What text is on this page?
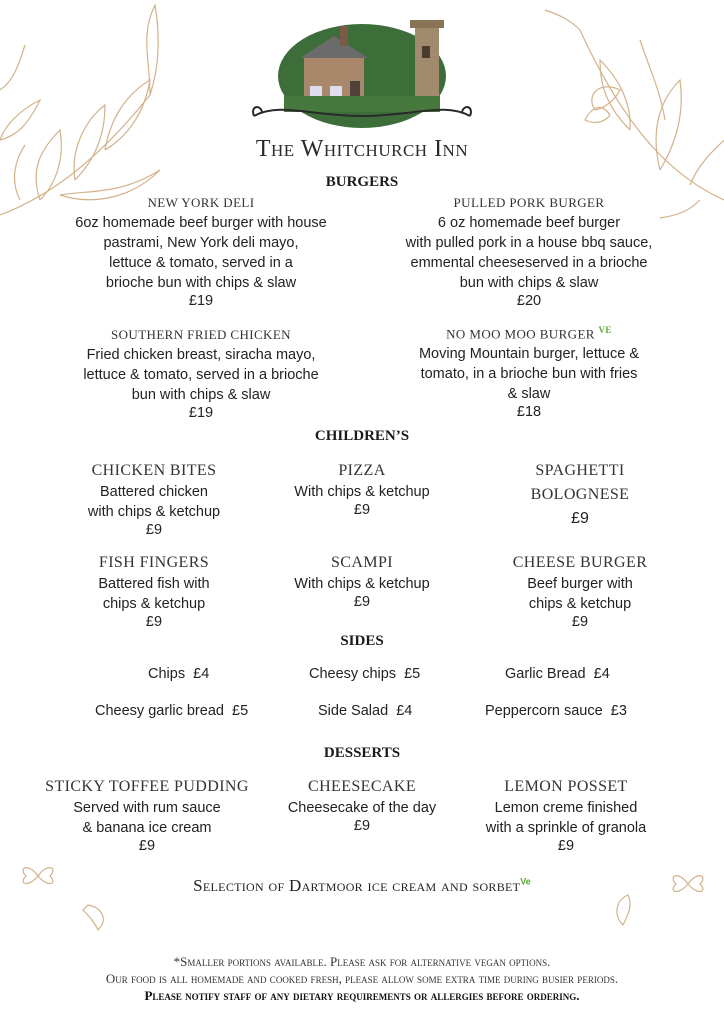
The Whitchurch Inn
BURGERS
NEW YORK DELI
6oz homemade beef burger with house
pastrami, New York deli mayo,
lettuce & tomato, served in a
brioche bun with chips & slaw
£19
PULLED PORK BURGER
6 oz homemade beef burger
with pulled pork in a house bbq sauce,
emmental cheeseserved in a brioche
bun with chips & slaw
£20
SOUTHERN FRIED CHICKEN
Fried chicken breast, siracha mayo,
lettuce & tomato, served in a brioche
bun with chips & slaw
£19
NO MOO MOO BURGER $^{VE}$
Moving Mountain burger, lettuce &
tomato, in a brioche bun with fries
& slaw
£18
CHILDREN’S
CHICKEN BITES
Battered chicken
with chips & ketchup
£9
PIZZA
With chips & ketchup
£9
SPAGHETTI
BOLOGNESE
£9
FISH FINGERS
Battered fish with
chips & ketchup
£9
SCAMPI
With chips & ketchup
£9
CHEESE BURGER
Beef burger with
chips & ketchup
£9
SIDES
Chips £4	Cheesy chips £5	Garlic Bread £4
Cheesy garlic bread £5	Side Salad £4	Peppercorn sauce £3
DESSERTS
STICKY TOFFEE PUDDING
Served with rum sauce
& banana ice cream
£9
CHEESECAKE
Cheesecake of the day
£9
LEMON POSSET
Lemon creme finished
with a sprinkle of granola
£9
Selection of Dartmoor ice cream and sorbet$^{Ve}$
*Smaller portions available. Please ask for alternative vegan options.
Our food is all homemade and cooked fresh, please allow some extra time during busier periods.
Please notify staff of any dietary requirements or allergies before ordering.
